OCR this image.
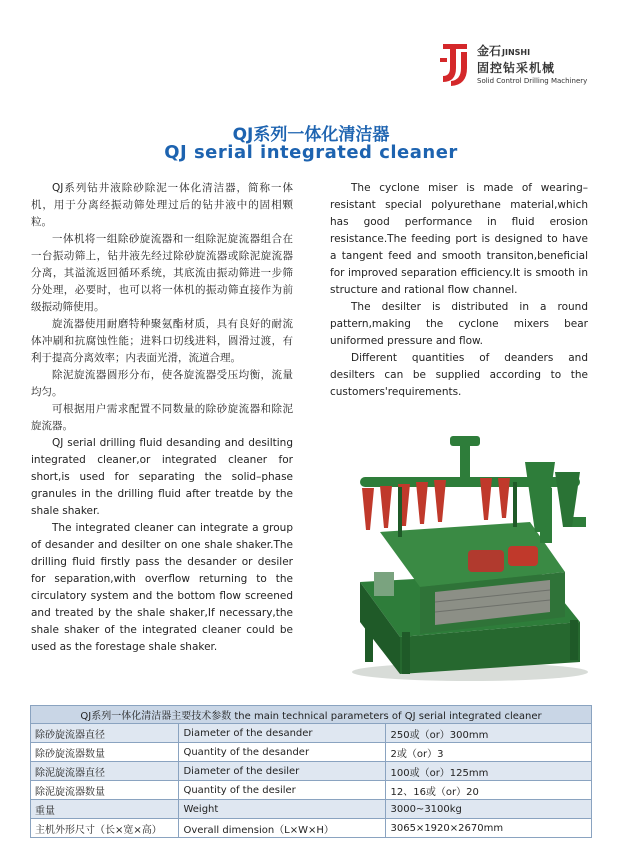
金石JINSHI
固控钻采机械
Solid Control Drilling Machinery
QJ系列一体化清洁器
QJ serial integrated cleaner

QJ系列钻井液除砂除泥一体化清洁器，简称一体机，用于分离经振动筛处理过后的钻井液中的固相颗粒。

一体机将一组除砂旋流器和一组除泥旋流器组合在一台振动筛上，钻井液先经过除砂旋流器或除泥旋流器分离，其溢流返回循环系统，其底流由振动筛进一步筛分处理，必要时，也可以将一体机的振动筛直接作为前级振动筛使用。

旋流器使用耐磨特种聚氨酯材质，具有良好的耐流体冲刷和抗腐蚀性能；进料口切线进料，圆滑过渡，有利于提高分离效率；内表面光滑，流道合理。

除泥旋流器圆形分布，使各旋流器受压均衡，流量均匀。

可根据用户需求配置不同数量的除砂旋流器和除泥旋流器。

QJ serial drilling fluid desanding and desilting integrated cleaner,or integrated cleaner for short,is used for separating the solid–phase granules in the drilling fluid after treatde by the shale shaker.

The integrated cleaner can integrate a group of desander and desilter on one shale shaker.The drilling fluid firstly pass the desander or desiler for separation,with overflow returning to the circulatory system and the bottom flow screened and treated by the shale shaker,If necessary,the shale shaker of the integrated cleaner could be used as the forestage shale shaker.

The cyclone miser is made of wearing–resistant special polyurethane material,which has good performance in fluid erosion resistance.The feeding port is designed to have a tangent feed and smooth transiton,beneficial for improved separation efficiency.It is smooth in structure and rational flow channel.

The desilter is distributed in a round pattern,making the cyclone mixers bear uniformed pressure and flow.

Different quantities of deanders and desilters can be supplied according to the customers'requirements.

QJ系列一体化清洁器主要技术参数 the main technical parameters of QJ serial integrated cleaner		
除砂旋流器直径	Diameter of the desander	250或（or）300mm
除砂旋流器数量	Quantity of the desander	2或（or）3
除泥旋流器直径	Diameter of the desiler	100或（or）125mm
除泥旋流器数量	Quantity of the desiler	12、16或（or）20
重量	Weight	3000~3100kg
主机外形尺寸（长×宽×高）	Overall dimension（L×W×H）	3065×1920×2670mm
